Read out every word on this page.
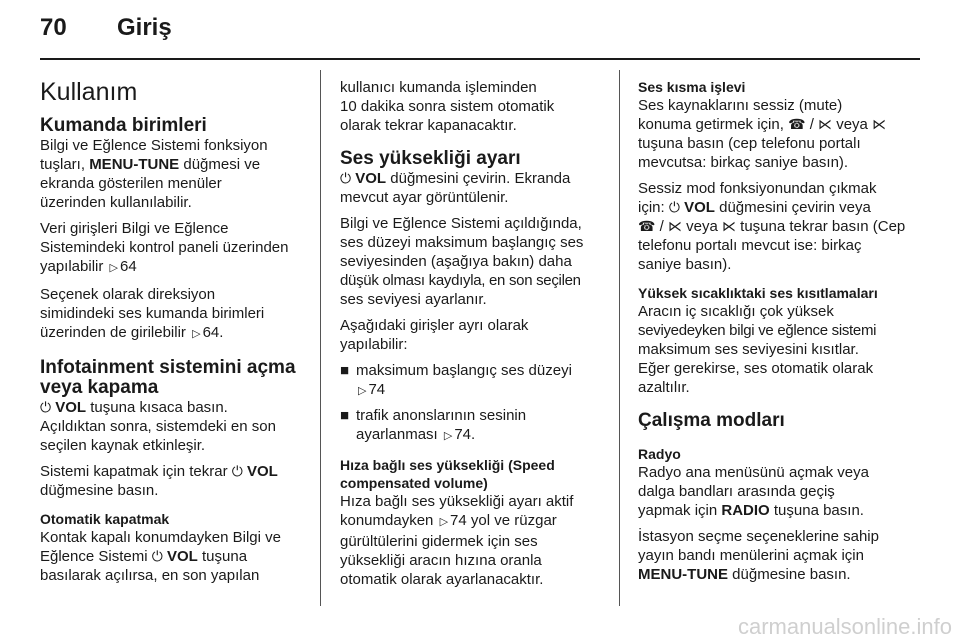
70 Giriş
Kullanım
Kumanda birimleri

Bilgi ve Eğlence Sistemi fonksiyon
tuşları, MENU-TUNE düğmesi ve
ekranda gösterilen menüler
üzerinden kullanılabilir.

Veri girişleri Bilgi ve Eğlence
Sistemindeki kontrol paneli üzerinden
yapılabilir ▷ 64

Seçenek olarak direksiyon
simidindeki ses kumanda birimleri
üzerinden de girilebilir ▷ 64.

Infotainment sistemini açma
veya kapama

⏻ VOL tuşuna kısaca basın.
Açıldıktan sonra, sistemdeki en son
seçilen kaynak etkinleşir.

Sistemi kapatmak için tekrar ⏻ VOL
düğmesine basın.

Otomatik kapatmak

Kontak kapalı konumdayken Bilgi ve
Eğlence Sistemi ⏻ VOL tuşuna
basılarak açılırsa, en son yapılan

kullanıcı kumanda işleminden
10 dakika sonra sistem otomatik
olarak tekrar kapanacaktır.

Ses yüksekliği ayarı

⏻ VOL düğmesini çevirin. Ekranda
mevcut ayar görüntülenir.

Bilgi ve Eğlence Sistemi açıldığında,
ses düzeyi maksimum başlangıç ses
seviyesinden (aşağıya bakın) daha
düşük olması kaydıyla, en son seçilen
ses seviyesi ayarlanır.

Aşağıdaki girişler ayrı olarak
yapılabilir:

■ maksimum başlangıç ses düzeyi
▷ 74
■ trafik anonslarının sesinin
ayarlanması ▷ 74.
Hıza bağlı ses yüksekliği (Speed
compensated volume)

Hıza bağlı ses yüksekliği ayarı aktif
konumdayken ▷ 74 yol ve rüzgar
gürültülerini gidermek için ses
yüksekliği aracın hızına oranla
otomatik olarak ayarlanacaktır.

Ses kısma işlevi

Ses kaynaklarını sessiz (mute)
konuma getirmek için, ☎ / ⋉ veya ⋉
tuşuna basın (cep telefonu portalı
mevcutsa: birkaç saniye basın).

Sessiz mod fonksiyonundan çıkmak
için: ⏻ VOL düğmesini çevirin veya
☎ / ⋉ veya ⋉ tuşuna tekrar basın (Cep
telefonu portalı mevcut ise: birkaç
saniye basın).

Yüksek sıcaklıktaki ses kısıtlamaları

Aracın iç sıcaklığı çok yüksek
seviyedeyken bilgi ve eğlence sistemi
maksimum ses seviyesini kısıtlar.
Eğer gerekirse, ses otomatik olarak
azaltılır.

Çalışma modları
Radyo

Radyo ana menüsünü açmak veya
dalga bandları arasında geçiş
yapmak için RADIO tuşuna basın.

İstasyon seçme seçeneklerine sahip
yayın bandı menülerini açmak için
MENU-TUNE düğmesine basın.

carmanualsonline.info
